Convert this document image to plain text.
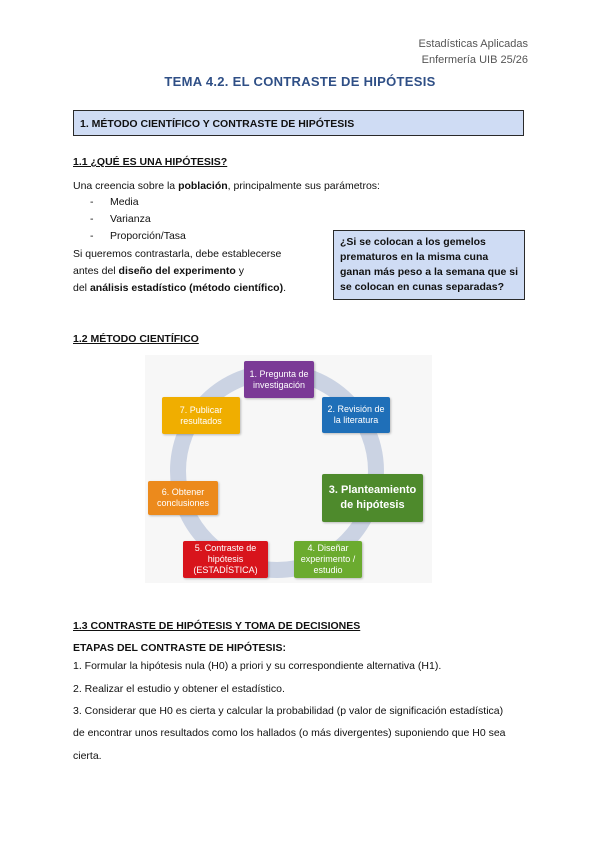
Estadísticas Aplicadas
Enfermería UIB 25/26
TEMA 4.2. EL CONTRASTE DE HIPÓTESIS
1. MÉTODO CIENTÍFICO Y CONTRASTE DE HIPÓTESIS
1.1 ¿QUÉ ES UNA HIPÓTESIS?
Una creencia sobre la población, principalmente sus parámetros:
- Media
- Varianza
- Proporción/Tasa
Si queremos contrastarla, debe establecerse
antes del diseño del experimento y
del análisis estadístico (método científico).
¿Si se colocan a los gemelos prematuros en la misma cuna ganan más peso a la semana que si se colocan en cunas separadas?
1.2 MÉTODO CIENTÍFICO
1. Pregunta de investigación
2. Revisión de la literatura
3. Planteamiento de hipótesis
4. Diseñar experimento / estudio
5. Contraste de hipótesis (ESTADÍSTICA)
6. Obtener conclusiones
7. Publicar resultados
1.3 CONTRASTE DE HIPÓTESIS Y TOMA DE DECISIONES
ETAPAS DEL CONTRASTE DE HIPÓTESIS:
1. Formular la hipótesis nula (H0) a priori y su correspondiente alternativa (H1).
2. Realizar el estudio y obtener el estadístico.
3. Considerar que H0 es cierta y calcular la probabilidad (p valor de significación estadística)
de encontrar unos resultados como los hallados (o más divergentes) suponiendo que H0 sea
cierta.
